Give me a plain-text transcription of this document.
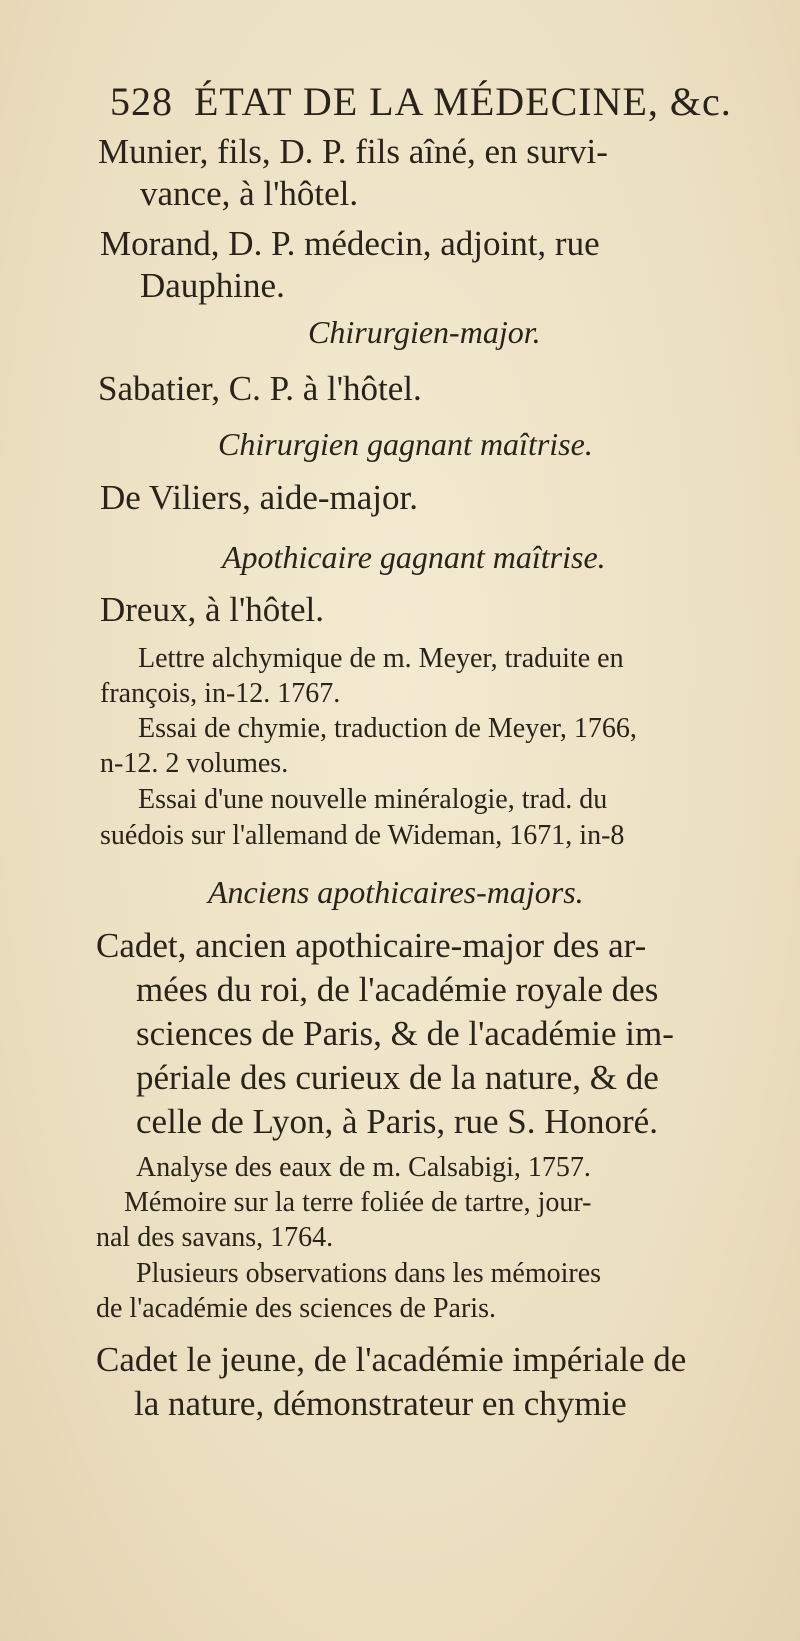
528 ÉTAT DE LA MÉDECINE, &c.
Munier, fils, D. P. fils aîné, en survi-
vance, à l'hôtel.
Morand, D. P. médecin, adjoint, rue
Dauphine.
Chirurgien-major.
Sabatier, C. P. à l'hôtel.
Chirurgien gagnant maîtrise.
De Viliers, aide-major.
Apothicaire gagnant maîtrise.
Dreux, à l'hôtel.
Lettre alchymique de m. Meyer, traduite en
françois, in-12. 1767.
Essai de chymie, traduction de Meyer, 1766,
n-12. 2 volumes.
Essai d'une nouvelle minéralogie, trad. du
suédois sur l'allemand de Wideman, 1671, in-8
Anciens apothicaires-majors.
Cadet, ancien apothicaire-major des ar-
mées du roi, de l'académie royale des
sciences de Paris, & de l'académie im-
périale des curieux de la nature, & de
celle de Lyon, à Paris, rue S. Honoré.
Analyse des eaux de m. Calsabigi, 1757.
Mémoire sur la terre foliée de tartre, jour-
nal des savans, 1764.
Plusieurs observations dans les mémoires
de l'académie des sciences de Paris.
Cadet le jeune, de l'académie impériale de
la nature, démonstrateur en chymie
